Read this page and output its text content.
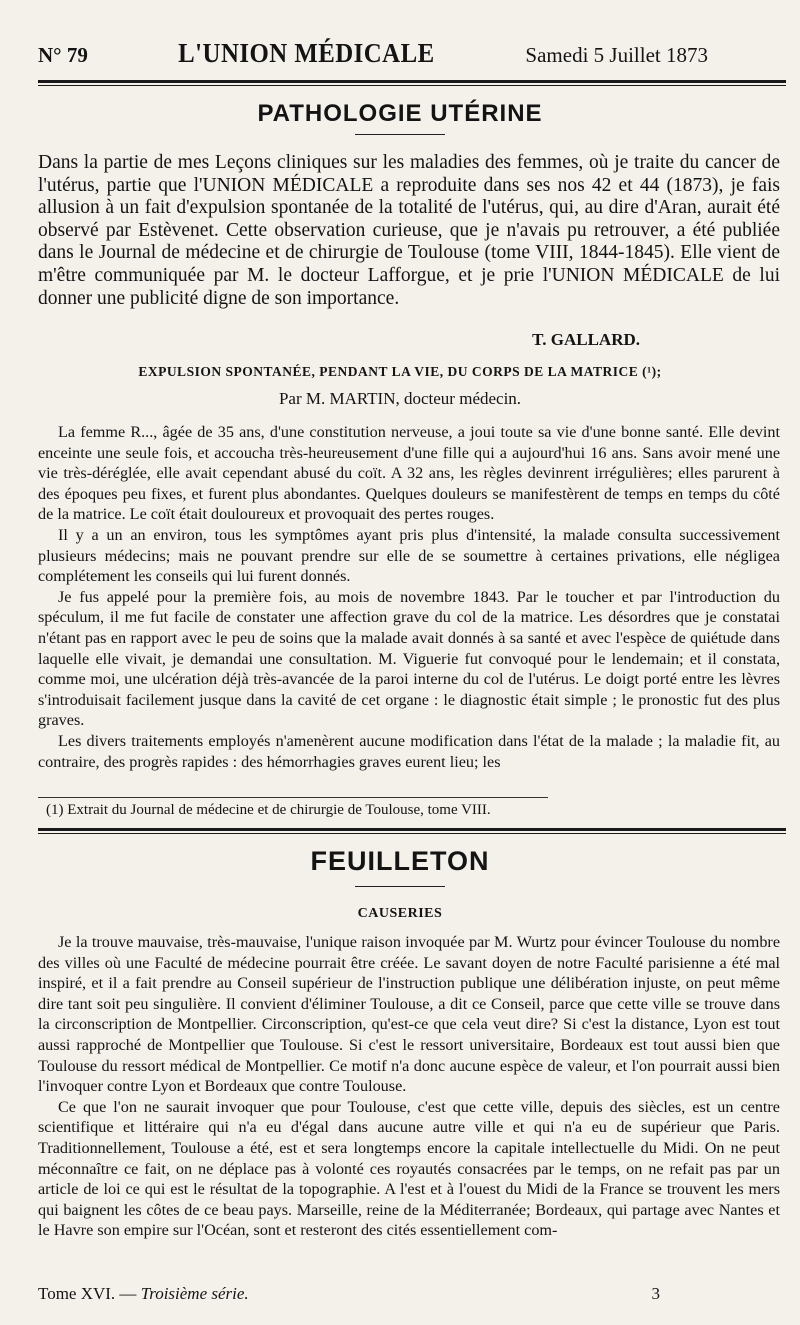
N° 79	L'UNION MÉDICALE	Samedi 5 Juillet 1873
PATHOLOGIE UTÉRINE

Dans la partie de mes Leçons cliniques sur les maladies des femmes, où je traite du cancer de l'utérus, partie que l'UNION MÉDICALE a reproduite dans ses nos 42 et 44 (1873), je fais allusion à un fait d'expulsion spontanée de la totalité de l'utérus, qui, au dire d'Aran, aurait été observé par Estèvenet. Cette observation curieuse, que je n'avais pu retrouver, a été publiée dans le Journal de médecine et de chirurgie de Toulouse (tome VIII, 1844-1845). Elle vient de m'être communiquée par M. le docteur Lafforgue, et je prie l'UNION MÉDICALE de lui donner une publicité digne de son importance.

T. GALLARD.
EXPULSION SPONTANÉE, PENDANT LA VIE, DU CORPS DE LA MATRICE (¹);
Par M. MARTIN, docteur médecin.

La femme R..., âgée de 35 ans, d'une constitution nerveuse, a joui toute sa vie d'une bonne santé. Elle devint enceinte une seule fois, et accoucha très-heureusement d'une fille qui a aujourd'hui 16 ans. Sans avoir mené une vie très-déréglée, elle avait cependant abusé du coït. A 32 ans, les règles devinrent irrégulières; elles parurent à des époques peu fixes, et furent plus abondantes. Quelques douleurs se manifestèrent de temps en temps du côté de la matrice. Le coït était douloureux et provoquait des pertes rouges.

Il y a un an environ, tous les symptômes ayant pris plus d'intensité, la malade consulta successivement plusieurs médecins; mais ne pouvant prendre sur elle de se soumettre à certaines privations, elle négligea complétement les conseils qui lui furent donnés.

Je fus appelé pour la première fois, au mois de novembre 1843. Par le toucher et par l'introduction du spéculum, il me fut facile de constater une affection grave du col de la matrice. Les désordres que je constatai n'étant pas en rapport avec le peu de soins que la malade avait donnés à sa santé et avec l'espèce de quiétude dans laquelle elle vivait, je demandai une consultation. M. Viguerie fut convoqué pour le lendemain; et il constata, comme moi, une ulcération déjà très-avancée de la paroi interne du col de l'utérus. Le doigt porté entre les lèvres s'introduisait facilement jusque dans la cavité de cet organe : le diagnostic était simple ; le pronostic fut des plus graves.

Les divers traitements employés n'amenèrent aucune modification dans l'état de la malade ; la maladie fit, au contraire, des progrès rapides : des hémorrhagies graves eurent lieu; les

(1) Extrait du Journal de médecine et de chirurgie de Toulouse, tome VIII.
FEUILLETON
CAUSERIES

Je la trouve mauvaise, très-mauvaise, l'unique raison invoquée par M. Wurtz pour évincer Toulouse du nombre des villes où une Faculté de médecine pourrait être créée. Le savant doyen de notre Faculté parisienne a été mal inspiré, et il a fait prendre au Conseil supérieur de l'instruction publique une délibération injuste, on peut même dire tant soit peu singulière. Il convient d'éliminer Toulouse, a dit ce Conseil, parce que cette ville se trouve dans la circonscription de Montpellier. Circonscription, qu'est-ce que cela veut dire? Si c'est la distance, Lyon est tout aussi rapproché de Montpellier que Toulouse. Si c'est le ressort universitaire, Bordeaux est tout aussi bien que Toulouse du ressort médical de Montpellier. Ce motif n'a donc aucune espèce de valeur, et l'on pourrait aussi bien l'invoquer contre Lyon et Bordeaux que contre Toulouse.

Ce que l'on ne saurait invoquer que pour Toulouse, c'est que cette ville, depuis des siècles, est un centre scientifique et littéraire qui n'a eu d'égal dans aucune autre ville et qui n'a eu de supérieur que Paris. Traditionnellement, Toulouse a été, est et sera longtemps encore la capitale intellectuelle du Midi. On ne peut méconnaître ce fait, on ne déplace pas à volonté ces royautés consacrées par le temps, on ne refait pas par un article de loi ce qui est le résultat de la topographie. A l'est et à l'ouest du Midi de la France se trouvent les mers qui baignent les côtes de ce beau pays. Marseille, reine de la Méditerranée; Bordeaux, qui partage avec Nantes et le Havre son empire sur l'Océan, sont et resteront des cités essentiellement com-

Tome XVI. — Troisième série.	3
